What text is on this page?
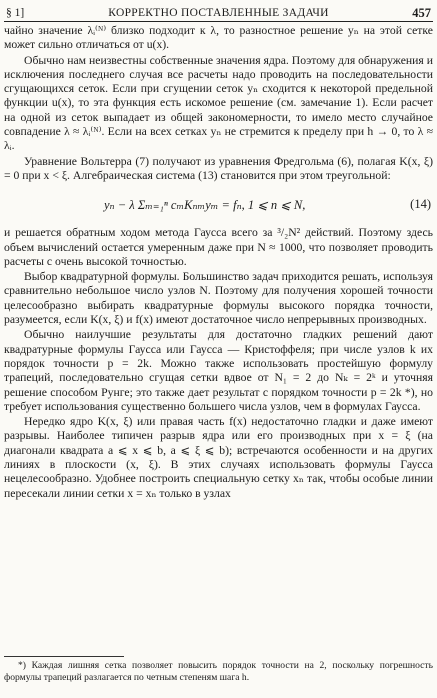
§ 1]	КОРРЕКТНО ПОСТАВЛЕННЫЕ ЗАДАЧИ	457

чайно значение λᵢ⁽ᴺ⁾ близко подходит к λ, то разностное решение yₙ на этой сетке может сильно отличаться от u(x).

Обычно нам неизвестны собственные значения ядра. Поэтому для обнаружения и исключения последнего случая все расчеты надо проводить на последовательности сгущающихся сеток. Если при сгущении сеток yₙ сходится к некоторой предельной функции u(x), то эта функция есть искомое решение (см. замечание 1). Если расчет на одной из сеток выпадает из общей закономерности, то имело место случайное совпадение λ ≈ λᵢ⁽ᴺ⁾. Если на всех сетках yₙ не стремится к пределу при h → 0, то λ ≈ λᵢ.

Уравнение Вольтерра (7) получают из уравнения Фредгольма (6), полагая K(x, ξ) = 0 при x < ξ. Алгебраическая система (13) становится при этом треугольной:

yₙ − λ Σₘ₌₁ⁿ cₘKₙₘyₘ = fₙ, 1 ⩽ n ⩽ N,	(14)

и решается обратным ходом метода Гаусса всего за ³/₂N² действий. Поэтому здесь объем вычислений остается умеренным даже при N ≈ 1000, что позволяет проводить расчеты с очень высокой точностью.

Выбор квадратурной формулы. Большинство задач приходится решать, используя сравнительно небольшое число узлов N. Поэтому для получения хорошей точности целесообразно выбирать квадратурные формулы высокого порядка точности, разумеется, если K(x, ξ) и f(x) имеют достаточное число непрерывных производных.

Обычно наилучшие результаты для достаточно гладких решений дают квадратурные формулы Гаусса или Гаусса — Кристоффеля; при числе узлов k их порядок точности p = 2k. Можно также использовать простейшую формулу трапеций, последовательно сгущая сетки вдвое от N₁ = 2 до Nₖ = 2ᵏ и уточняя решение способом Рунге; это также дает результат с порядком точности p = 2k *), но требует использования существенно большего числа узлов, чем в формулах Гаусса.

Нередко ядро K(x, ξ) или правая часть f(x) недостаточно гладки и даже имеют разрывы. Наиболее типичен разрыв ядра или его производных при x = ξ (на диагонали квадрата a ⩽ x ⩽ b, a ⩽ ξ ⩽ b); встречаются особенности и на других линиях в плоскости (x, ξ). В этих случаях использовать формулы Гаусса нецелесообразно. Удобнее построить специальную сетку xₙ так, чтобы особые линии пересекали линии сетки x = xₙ только в узлах

*) Каждая лишняя сетка позволяет повысить порядок точности на 2, поскольку погрешность формулы трапеций разлагается по четным степеням шага h.
